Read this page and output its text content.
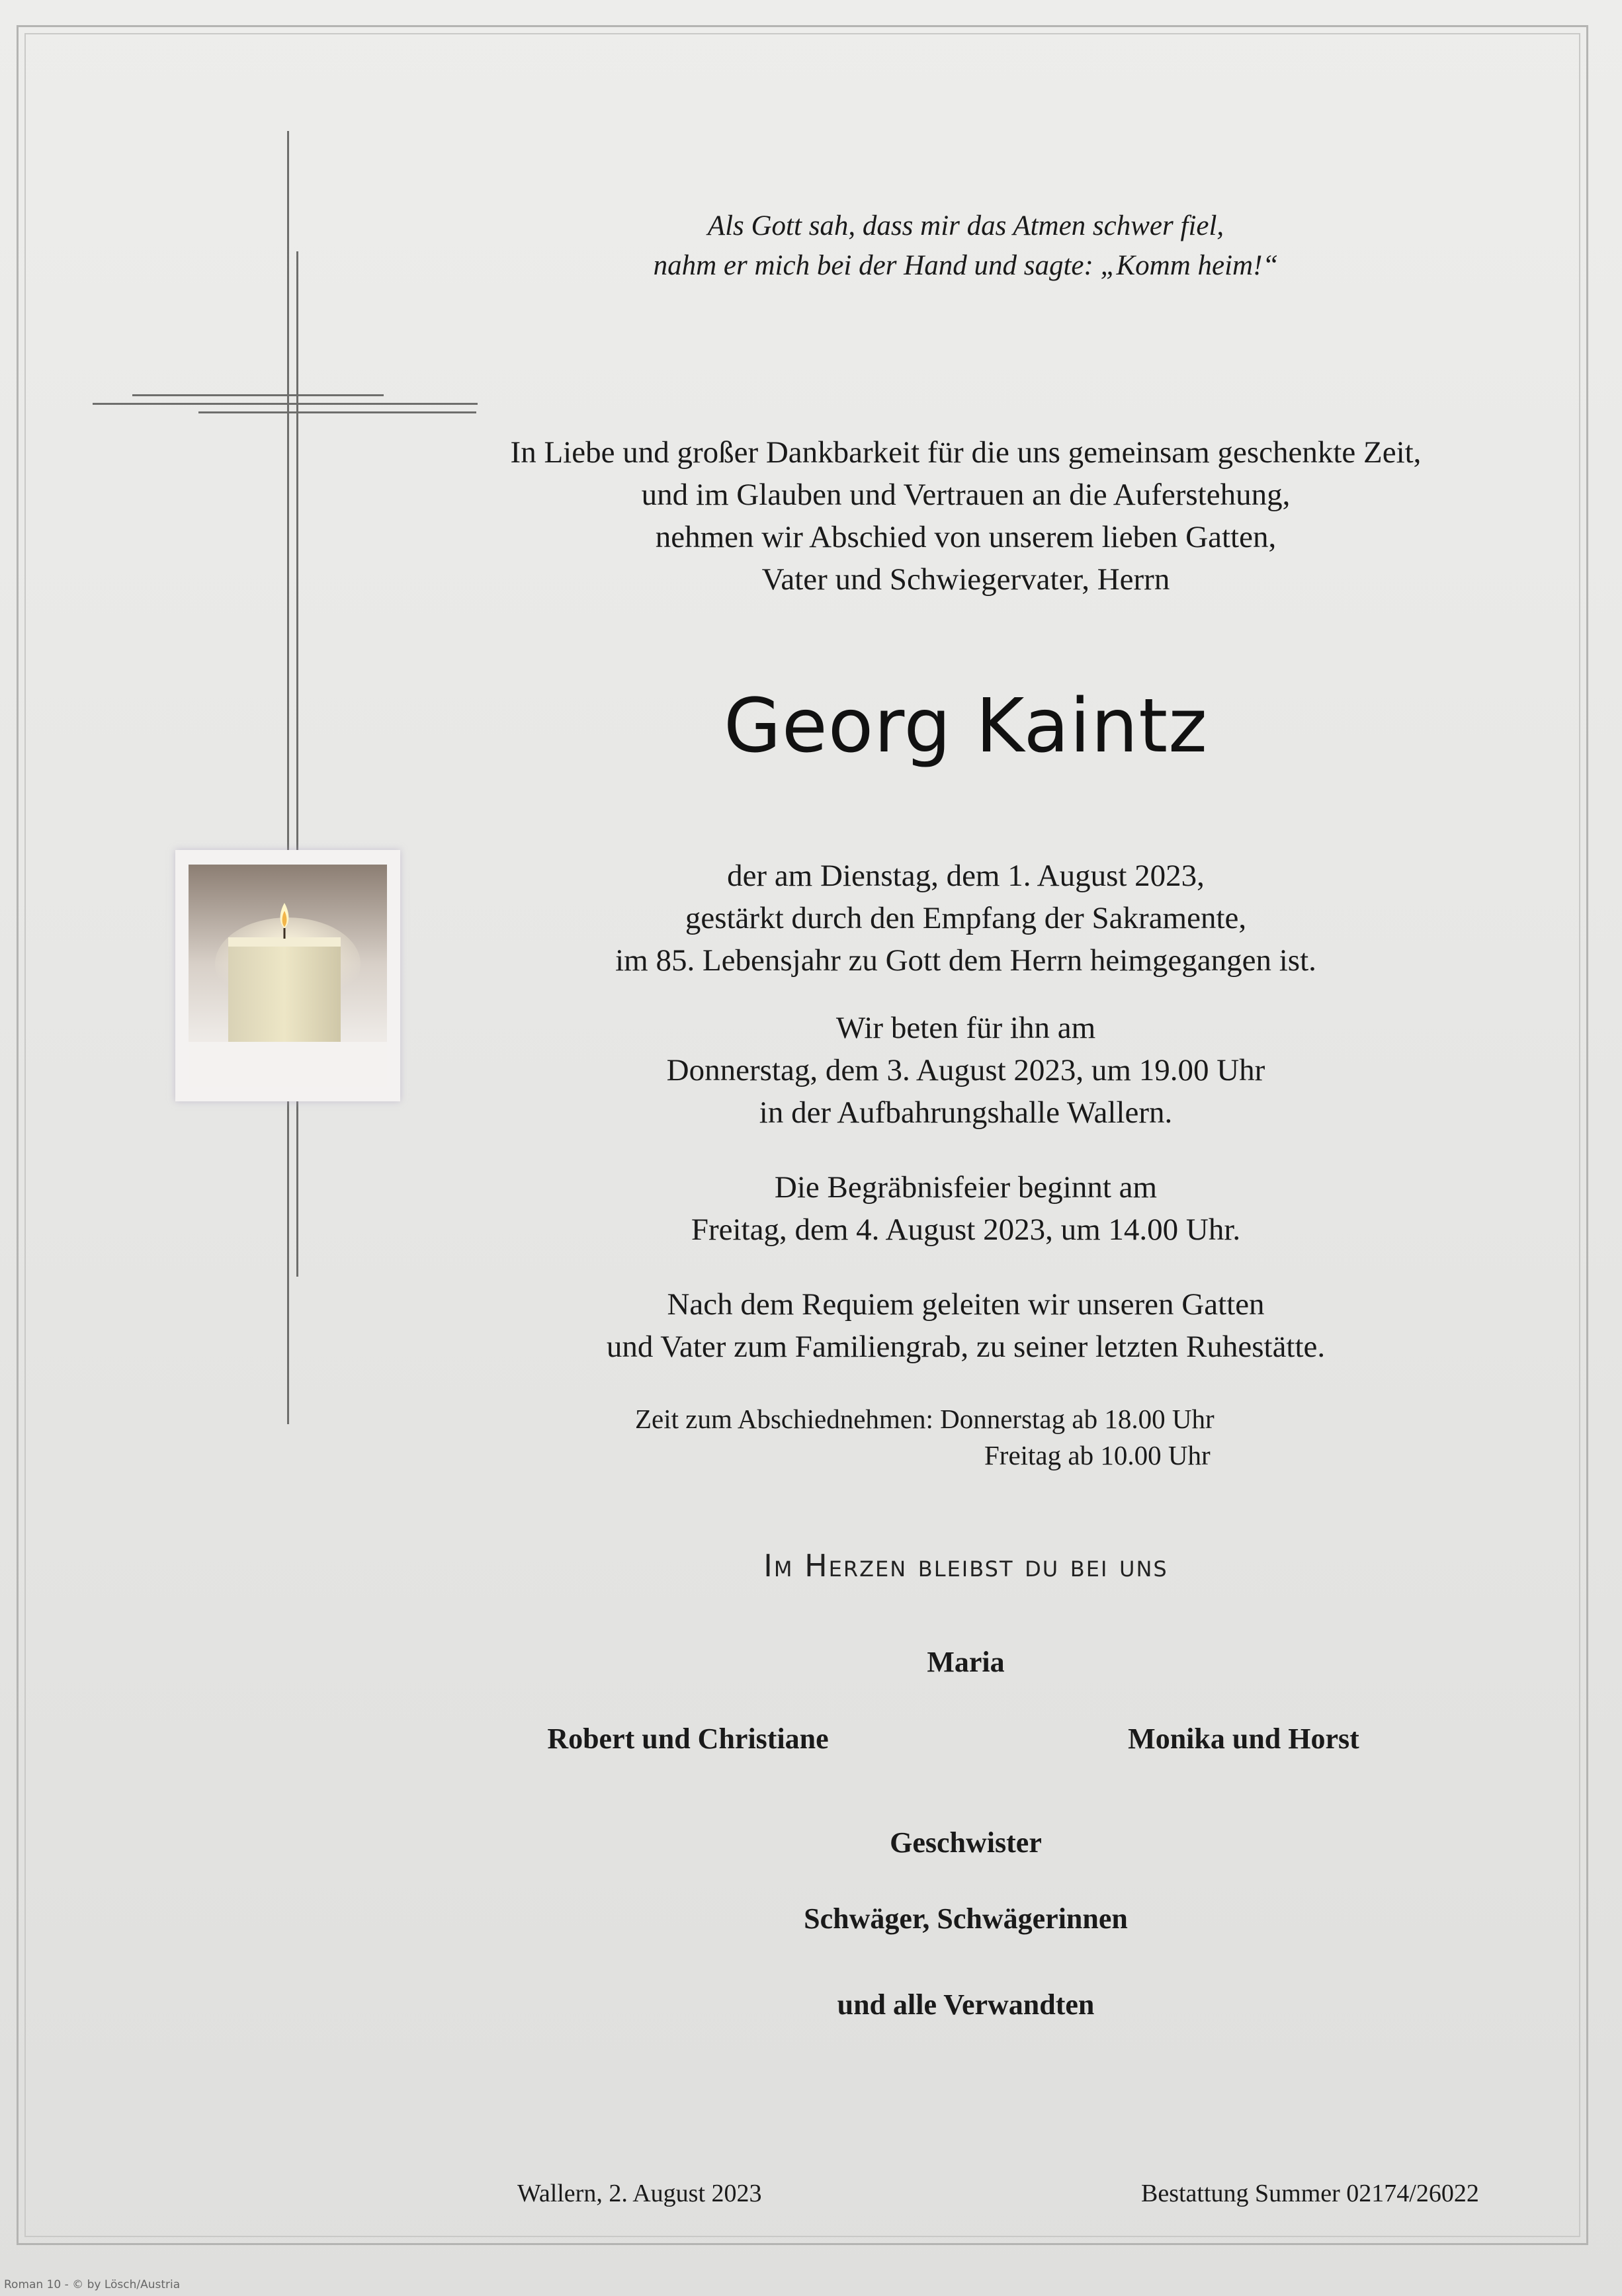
Als Gott sah, dass mir das Atmen schwer fiel,
nahm er mich bei der Hand und sagte: „Komm heim!“
In Liebe und großer Dankbarkeit für die uns gemeinsam geschenkte Zeit,
und im Glauben und Vertrauen an die Auferstehung,
nehmen wir Abschied von unserem lieben Gatten,
Vater und Schwiegervater, Herrn
Georg Kaintz
der am Dienstag, dem 1. August 2023,
gestärkt durch den Empfang der Sakramente,
im 85. Lebensjahr zu Gott dem Herrn heimgegangen ist.
Wir beten für ihn am
Donnerstag, dem 3. August 2023, um 19.00 Uhr
in der Aufbahrungshalle Wallern.
Die Begräbnisfeier beginnt am
Freitag, dem 4. August 2023, um 14.00 Uhr.
Nach dem Requiem geleiten wir unseren Gatten
und Vater zum Familiengrab, zu seiner letzten Ruhestätte.
Zeit zum Abschiednehmen: Donnerstag ab 18.00 Uhr
Freitag ab 10.00 Uhr
Im Herzen bleibst du bei uns
Maria
Robert und Christiane	Monika und Horst
Geschwister
Schwäger, Schwägerinnen
und alle Verwandten
Wallern, 2. August 2023	Bestattung Summer 02174/26022
Roman 10 - © by Lösch/Austria
